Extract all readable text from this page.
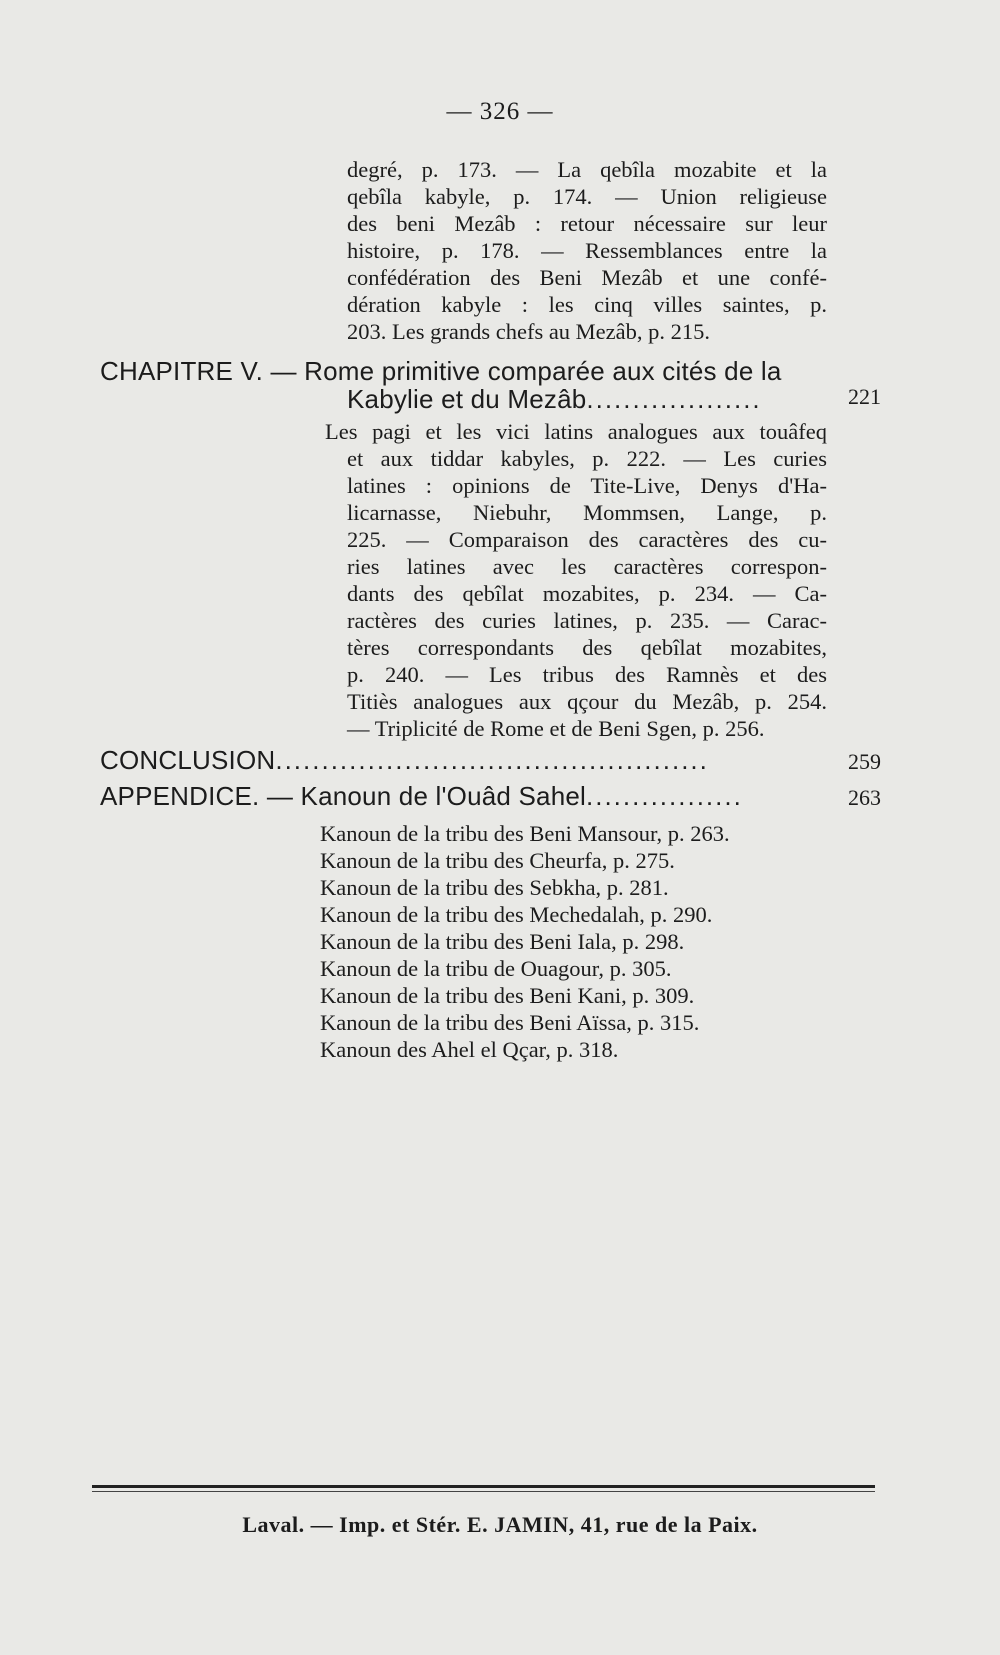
— 326 —
degré, p. 173. — La qebîla mozabite et la
qebîla kabyle, p. 174. — Union religieuse
des beni Mezâb : retour nécessaire sur leur
histoire, p. 178. — Ressemblances entre la
confédération des Beni Mezâb et une confé-
dération kabyle : les cinq villes saintes, p.
203. Les grands chefs au Mezâb, p. 215.
CHAPITRE V. — Rome primitive comparée aux cités de la
Kabylie et du Mezâb...................	221
Les pagi et les vici latins analogues aux touâfeq
et aux tiddar kabyles, p. 222. — Les curies
latines : opinions de Tite-Live, Denys d'Ha-
licarnasse, Niebuhr, Mommsen, Lange, p.
225. — Comparaison des caractères des cu-
ries latines avec les caractères correspon-
dants des qebîlat mozabites, p. 234. — Ca-
ractères des curies latines, p. 235. — Carac-
tères correspondants des qebîlat mozabites,
p. 240. — Les tribus des Ramnès et des
Titiès analogues aux qçour du Mezâb, p. 254.
— Triplicité de Rome et de Beni Sgen, p. 256.
CONCLUSION...............................................	259
APPENDICE. — Kanoun de l'Ouâd Sahel.................	263
Kanoun de la tribu des Beni Mansour, p. 263.
Kanoun de la tribu des Cheurfa, p. 275.
Kanoun de la tribu des Sebkha, p. 281.
Kanoun de la tribu des Mechedalah, p. 290.
Kanoun de la tribu des Beni Iala, p. 298.
Kanoun de la tribu de Ouagour, p. 305.
Kanoun de la tribu des Beni Kani, p. 309.
Kanoun de la tribu des Beni Aïssa, p. 315.
Kanoun des Ahel el Qçar, p. 318.
Laval. — Imp. et Stér. E. JAMIN, 41, rue de la Paix.
